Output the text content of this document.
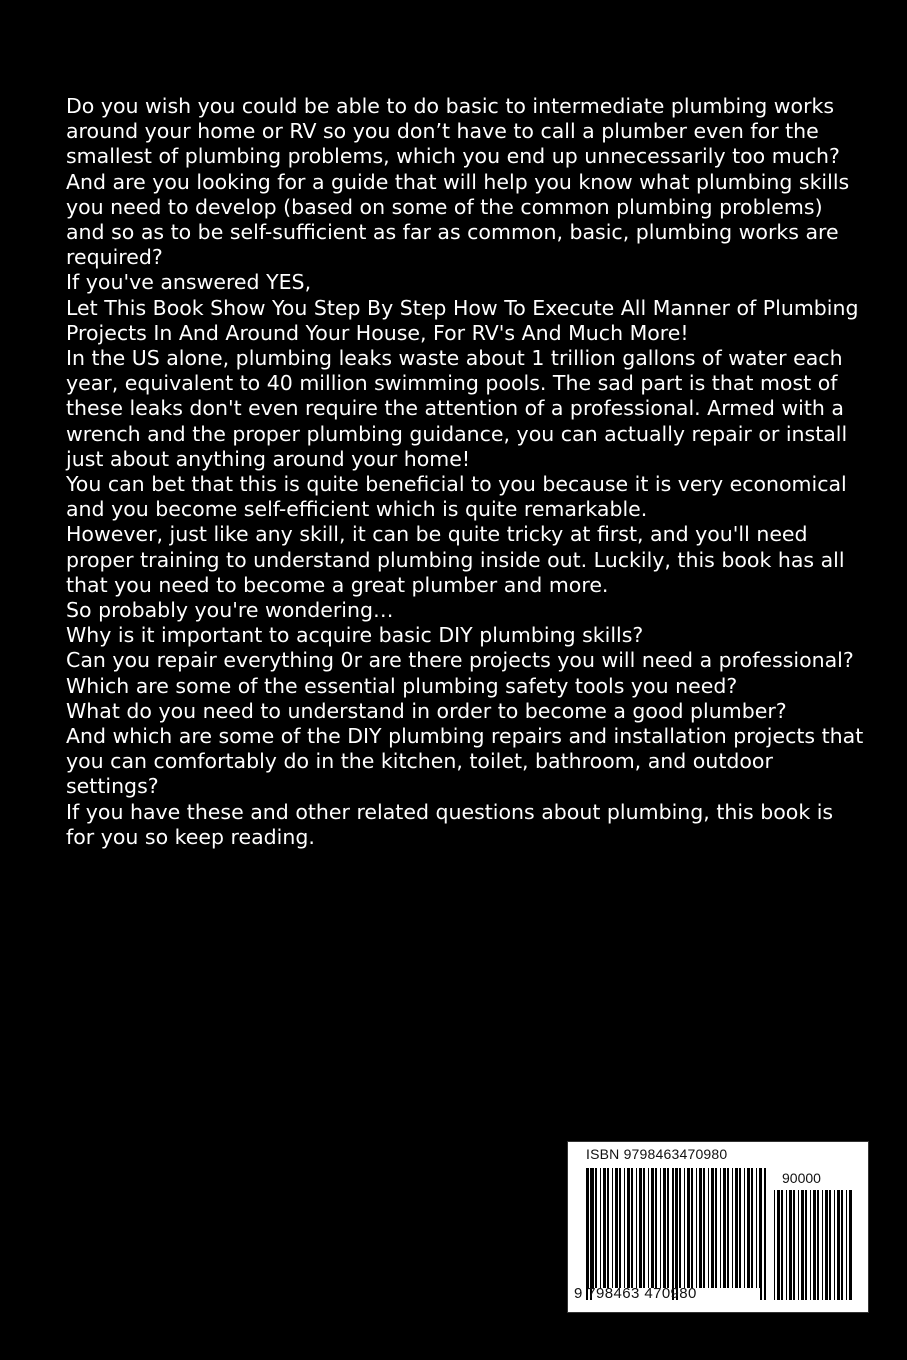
Do you wish you could be able to do basic to intermediate plumbing works around your home or RV so you don’t have to call a plumber even for the smallest of plumbing problems, which you end up unnecessarily too much?

And are you looking for a guide that will help you know what plumbing skills you need to develop (based on some of the common plumbing problems) and so as to be self-sufficient as far as common, basic, plumbing works are required?

If you've answered YES,

Let This Book Show You Step By Step How To Execute All Manner of Plumbing Projects In And Around Your House, For RV's And Much More!

In the US alone, plumbing leaks waste about 1 trillion gallons of water each year, equivalent to 40 million swimming pools. The sad part is that most of these leaks don't even require the attention of a professional. Armed with a wrench and the proper plumbing guidance, you can actually repair or install just about anything around your home!

You can bet that this is quite beneficial to you because it is very economical and you become self-efficient which is quite remarkable.

However, just like any skill, it can be quite tricky at first, and you'll need proper training to understand plumbing inside out. Luckily, this book has all that you need to become a great plumber and more.

So probably you're wondering…

Why is it important to acquire basic DIY plumbing skills?

Can you repair everything 0r are there projects you will need a professional?

Which are some of the essential plumbing safety tools you need?

What do you need to understand in order to become a good plumber?

And which are some of the DIY plumbing repairs and installation projects that you can comfortably do in the kitchen, toilet, bathroom, and outdoor settings?

If you have these and other related questions about plumbing, this book is for you so keep reading.

ISBN 9798463470980
90000
9 798463 470980
